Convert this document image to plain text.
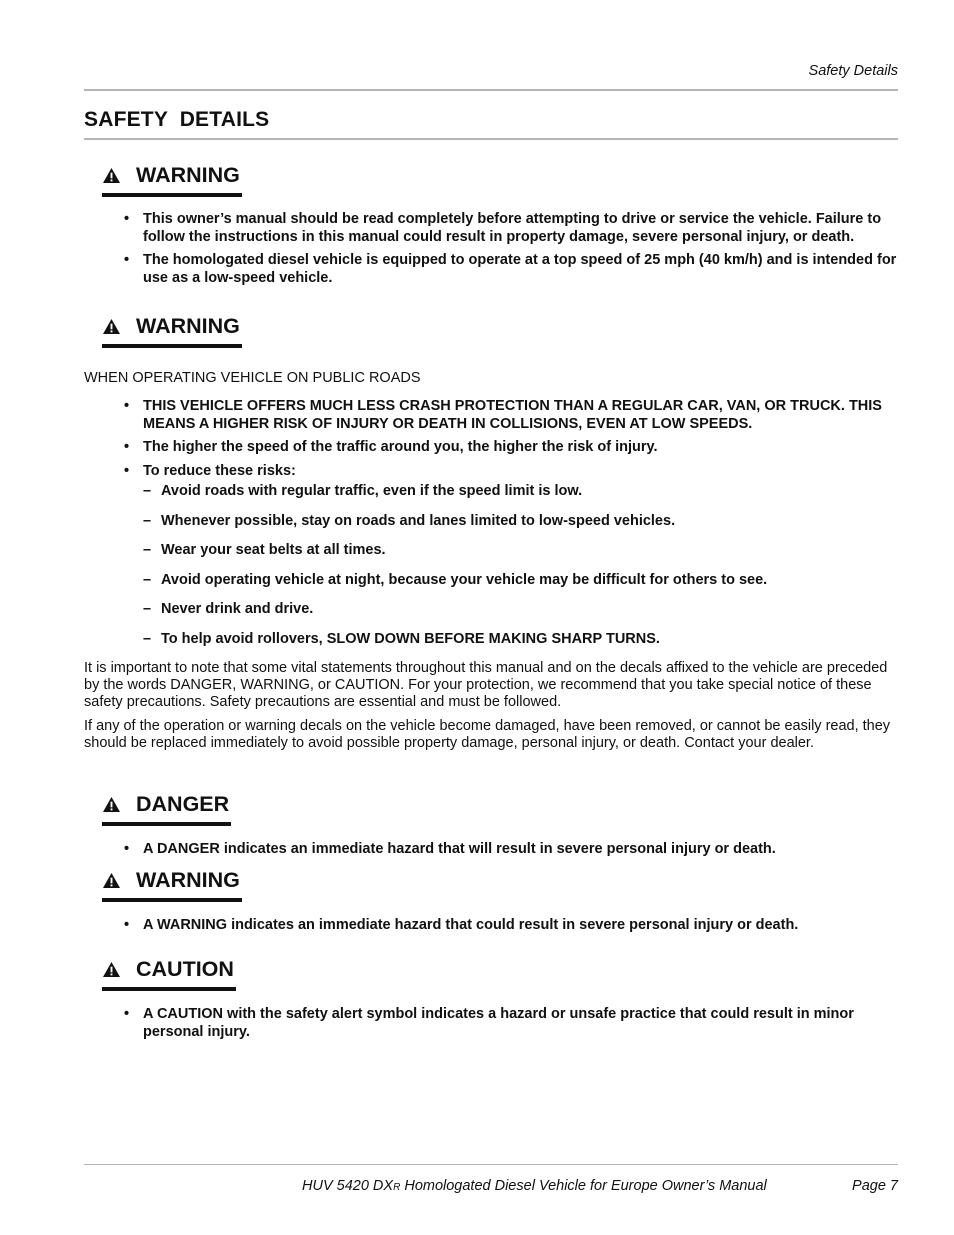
Safety Details
SAFETY DETAILS
WARNING
• This owner’s manual should be read completely before attempting to drive or service the vehicle. Failure to follow the instructions in this manual could result in property damage, severe personal injury, or death.
• The homologated diesel vehicle is equipped to operate at a top speed of 25 mph (40 km/h) and is intended for use as a low-speed vehicle.
WARNING
WHEN OPERATING VEHICLE ON PUBLIC ROADS
• THIS VEHICLE OFFERS MUCH LESS CRASH PROTECTION THAN A REGULAR CAR, VAN, OR TRUCK. THIS MEANS A HIGHER RISK OF INJURY OR DEATH IN COLLISIONS, EVEN AT LOW SPEEDS.
• The higher the speed of the traffic around you, the higher the risk of injury.
• To reduce these risks:
– Avoid roads with regular traffic, even if the speed limit is low.
– Whenever possible, stay on roads and lanes limited to low-speed vehicles.
– Wear your seat belts at all times.
– Avoid operating vehicle at night, because your vehicle may be difficult for others to see.
– Never drink and drive.
– To help avoid rollovers, SLOW DOWN BEFORE MAKING SHARP TURNS.
It is important to note that some vital statements throughout this manual and on the decals affixed to the vehicle are preceded by the words DANGER, WARNING, or CAUTION. For your protection, we recommend that you take special notice of these safety precautions. Safety precautions are essential and must be followed.
If any of the operation or warning decals on the vehicle become damaged, have been removed, or cannot be easily read, they should be replaced immediately to avoid possible property damage, personal injury, or death. Contact your dealer.
DANGER
• A DANGER indicates an immediate hazard that will result in severe personal injury or death.
WARNING
• A WARNING indicates an immediate hazard that could result in severe personal injury or death.
CAUTION
• A CAUTION with the safety alert symbol indicates a hazard or unsafe practice that could result in minor personal injury.
HUV 5420 DXR Homologated Diesel Vehicle for Europe Owner’s Manual	Page 7
